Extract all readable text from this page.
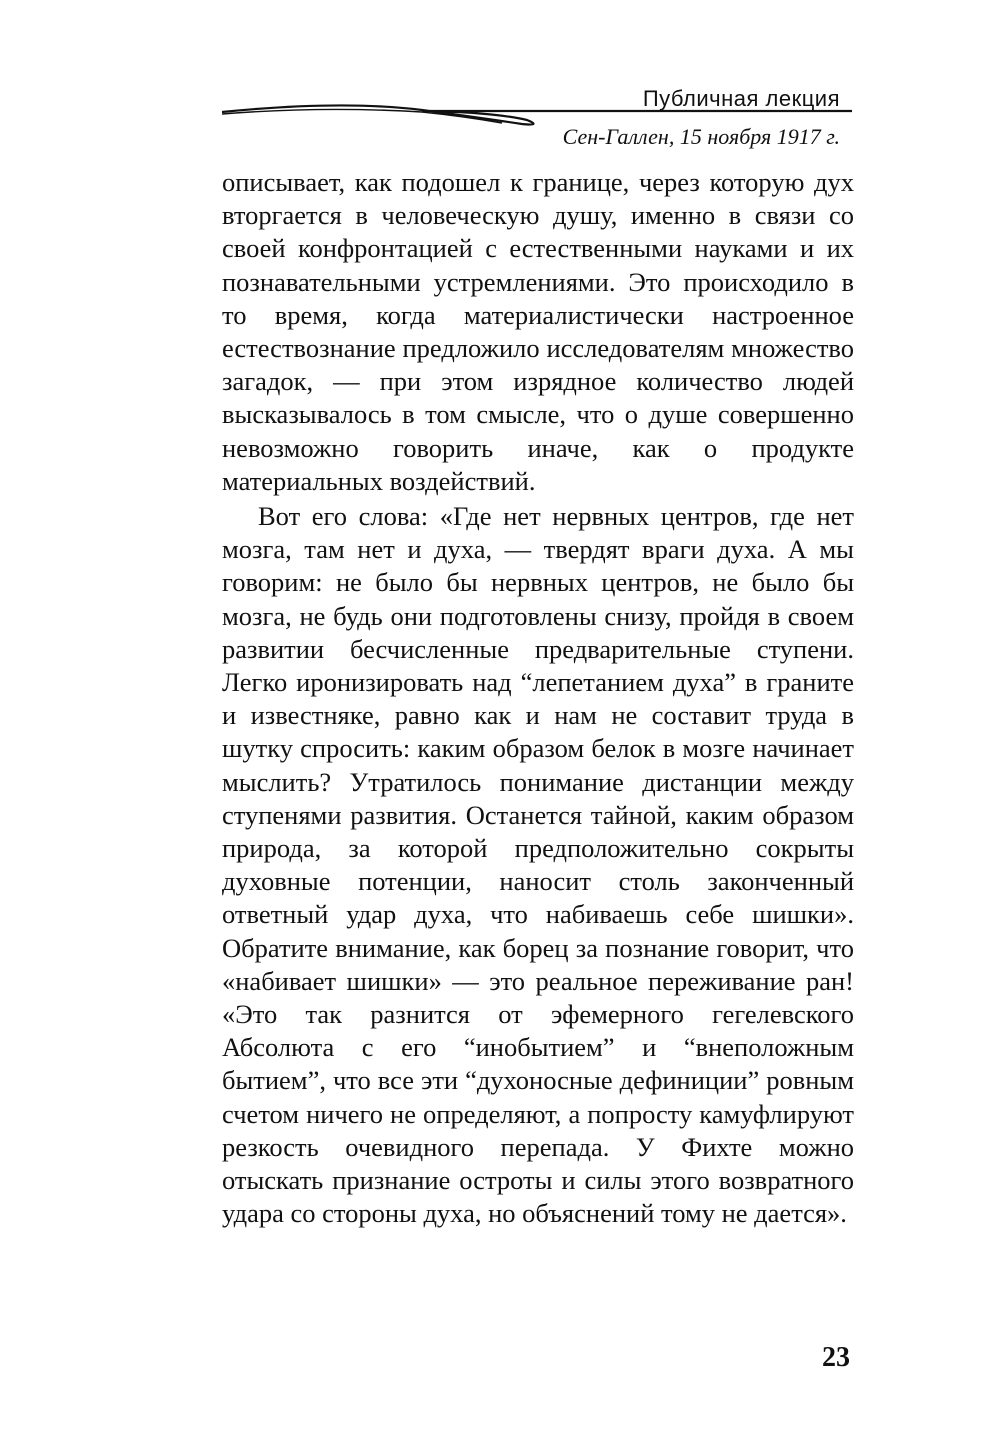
Публичная лекция
Сен-Галлен, 15 ноября 1917 г.

описывает, как подошел к границе, через которую дух вторгается в человеческую душу, именно в связи со своей конфронтацией с естественными науками и их познавательными устремлениями. Это происходило в то время, когда материалистически настроенное естествознание предложило исследователям множество загадок, — при этом изрядное количество людей высказывалось в том смысле, что о душе совершенно невозможно говорить иначе, как о продукте материальных воздействий.

Вот его слова: «Где нет нервных центров, где нет мозга, там нет и духа, — твердят враги духа. А мы говорим: не было бы нервных центров, не было бы мозга, не будь они подготовлены снизу, пройдя в своем развитии бесчисленные предварительные ступени. Легко иронизировать над “лепетанием духа” в граните и известняке, равно как и нам не составит труда в шутку спросить: каким образом белок в мозге начинает мыслить? Утратилось понимание дистанции между ступенями развития. Останется тайной, каким образом природа, за которой предположительно сокрыты духовные потенции, наносит столь законченный ответный удар духа, что набиваешь себе шишки». Обратите внимание, как борец за познание говорит, что «набивает шишки» — это реальное переживание ран! «Это так разнится от эфемерного гегелевского Абсолюта с его “инобытием” и “внеположным бытием”, что все эти “духоносные дефиниции” ровным счетом ничего не определяют, а попросту камуфлируют резкость очевидного перепада. У Фихте можно отыскать признание остроты и силы этого возвратного удара со стороны духа, но объяснений тому не дается».

23
